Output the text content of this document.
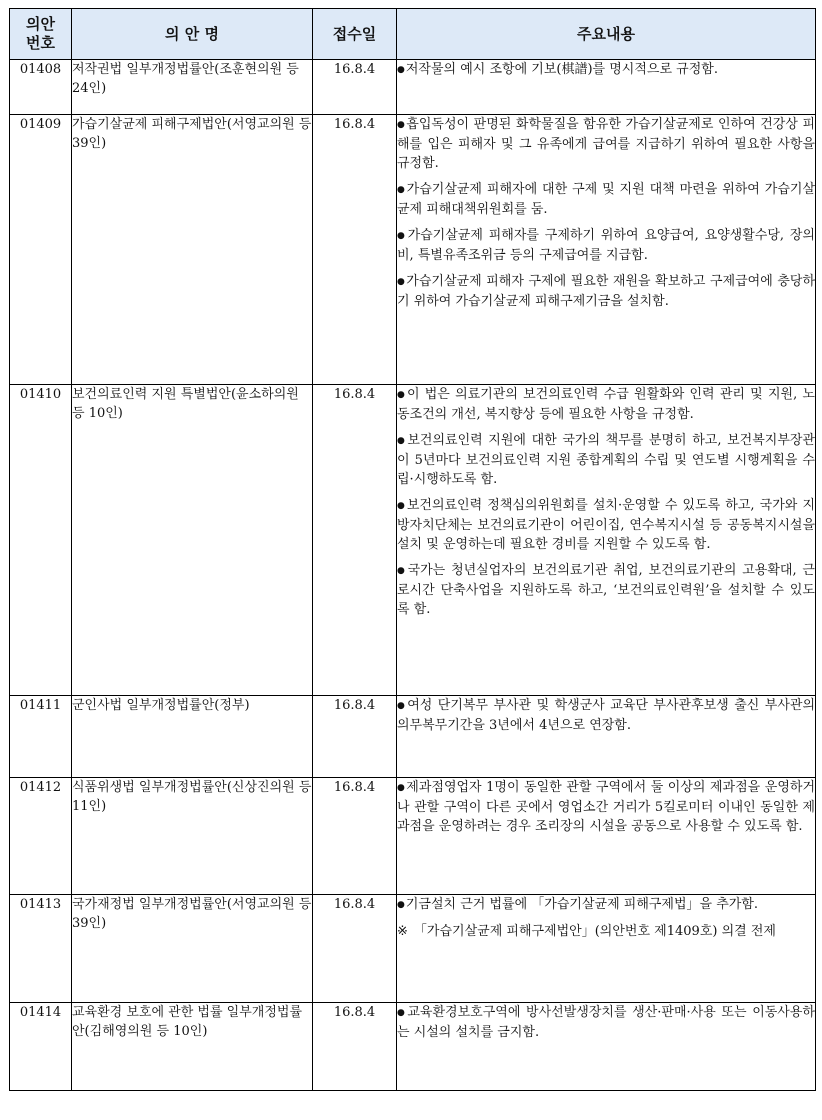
의안
번호	의 안 명	접수일	주요내용
01408	저작권법 일부개정법률안(조훈현의원 등 24인)	16.8.4	●저작물의 예시 조항에 기보(棋譜)를 명시적으로 규정함.

01409	가습기살균제 피해구제법안(서영교의원 등 39인)	16.8.4	●흡입독성이 판명된 화학물질을 함유한 가습기살균제로 인하여 건강상 피해를 입은 피해자 및 그 유족에게 급여를 지급하기 위하여 필요한 사항을 규정함.
●가습기살균제 피해자에 대한 구제 및 지원 대책 마련을 위하여 가습기살균제 피해대책위원회를 둠.
●가습기살균제 피해자를 구제하기 위하여 요양급여, 요양생활수당, 장의비, 특별유족조위금 등의 구제급여를 지급함.
●가습기살균제 피해자 구제에 필요한 재원을 확보하고 구제급여에 충당하기 위하여 가습기살균제 피해구제기금을 설치함.

01410	보건의료인력 지원 특별법안(윤소하의원 등 10인)	16.8.4	●이 법은 의료기관의 보건의료인력 수급 원활화와 인력 관리 및 지원, 노동조건의 개선, 복지향상 등에 필요한 사항을 규정함.
●보건의료인력 지원에 대한 국가의 책무를 분명히 하고, 보건복지부장관이 5년마다 보건의료인력 지원 종합계획의 수립 및 연도별 시행계획을 수립·시행하도록 함.
●보건의료인력 정책심의위원회를 설치·운영할 수 있도록 하고, 국가와 지방자치단체는 보건의료기관이 어린이집, 연수복지시설 등 공동복지시설을 설치 및 운영하는데 필요한 경비를 지원할 수 있도록 함.
●국가는 청년실업자의 보건의료기관 취업, 보건의료기관의 고용확대, 근로시간 단축사업을 지원하도록 하고, ‘보건의료인력원’을 설치할 수 있도록 함.

01411	군인사법 일부개정법률안(정부)	16.8.4	●여성 단기복무 부사관 및 학생군사 교육단 부사관후보생 출신 부사관의 의무복무기간을 3년에서 4년으로 연장함.

01412	식품위생법 일부개정법률안(신상진의원 등 11인)	16.8.4	●제과점영업자 1명이 동일한 관할 구역에서 둘 이상의 제과점을 운영하거나 관할 구역이 다른 곳에서 영업소간 거리가 5킬로미터 이내인 동일한 제과점을 운영하려는 경우 조리장의 시설을 공동으로 사용할 수 있도록 함.

01413	국가재정법 일부개정법률안(서영교의원 등 39인)	16.8.4	●기금설치 근거 법률에 「가습기살균제 피해구제법」을 추가함.
※ 「가습기살균제 피해구제법안」(의안번호 제1409호) 의결 전제

01414	교육환경 보호에 관한 법률 일부개정법률안(김해영의원 등 10인)	16.8.4	●교육환경보호구역에 방사선발생장치를 생산·판매·사용 또는 이동사용하는 시설의 설치를 금지함.
